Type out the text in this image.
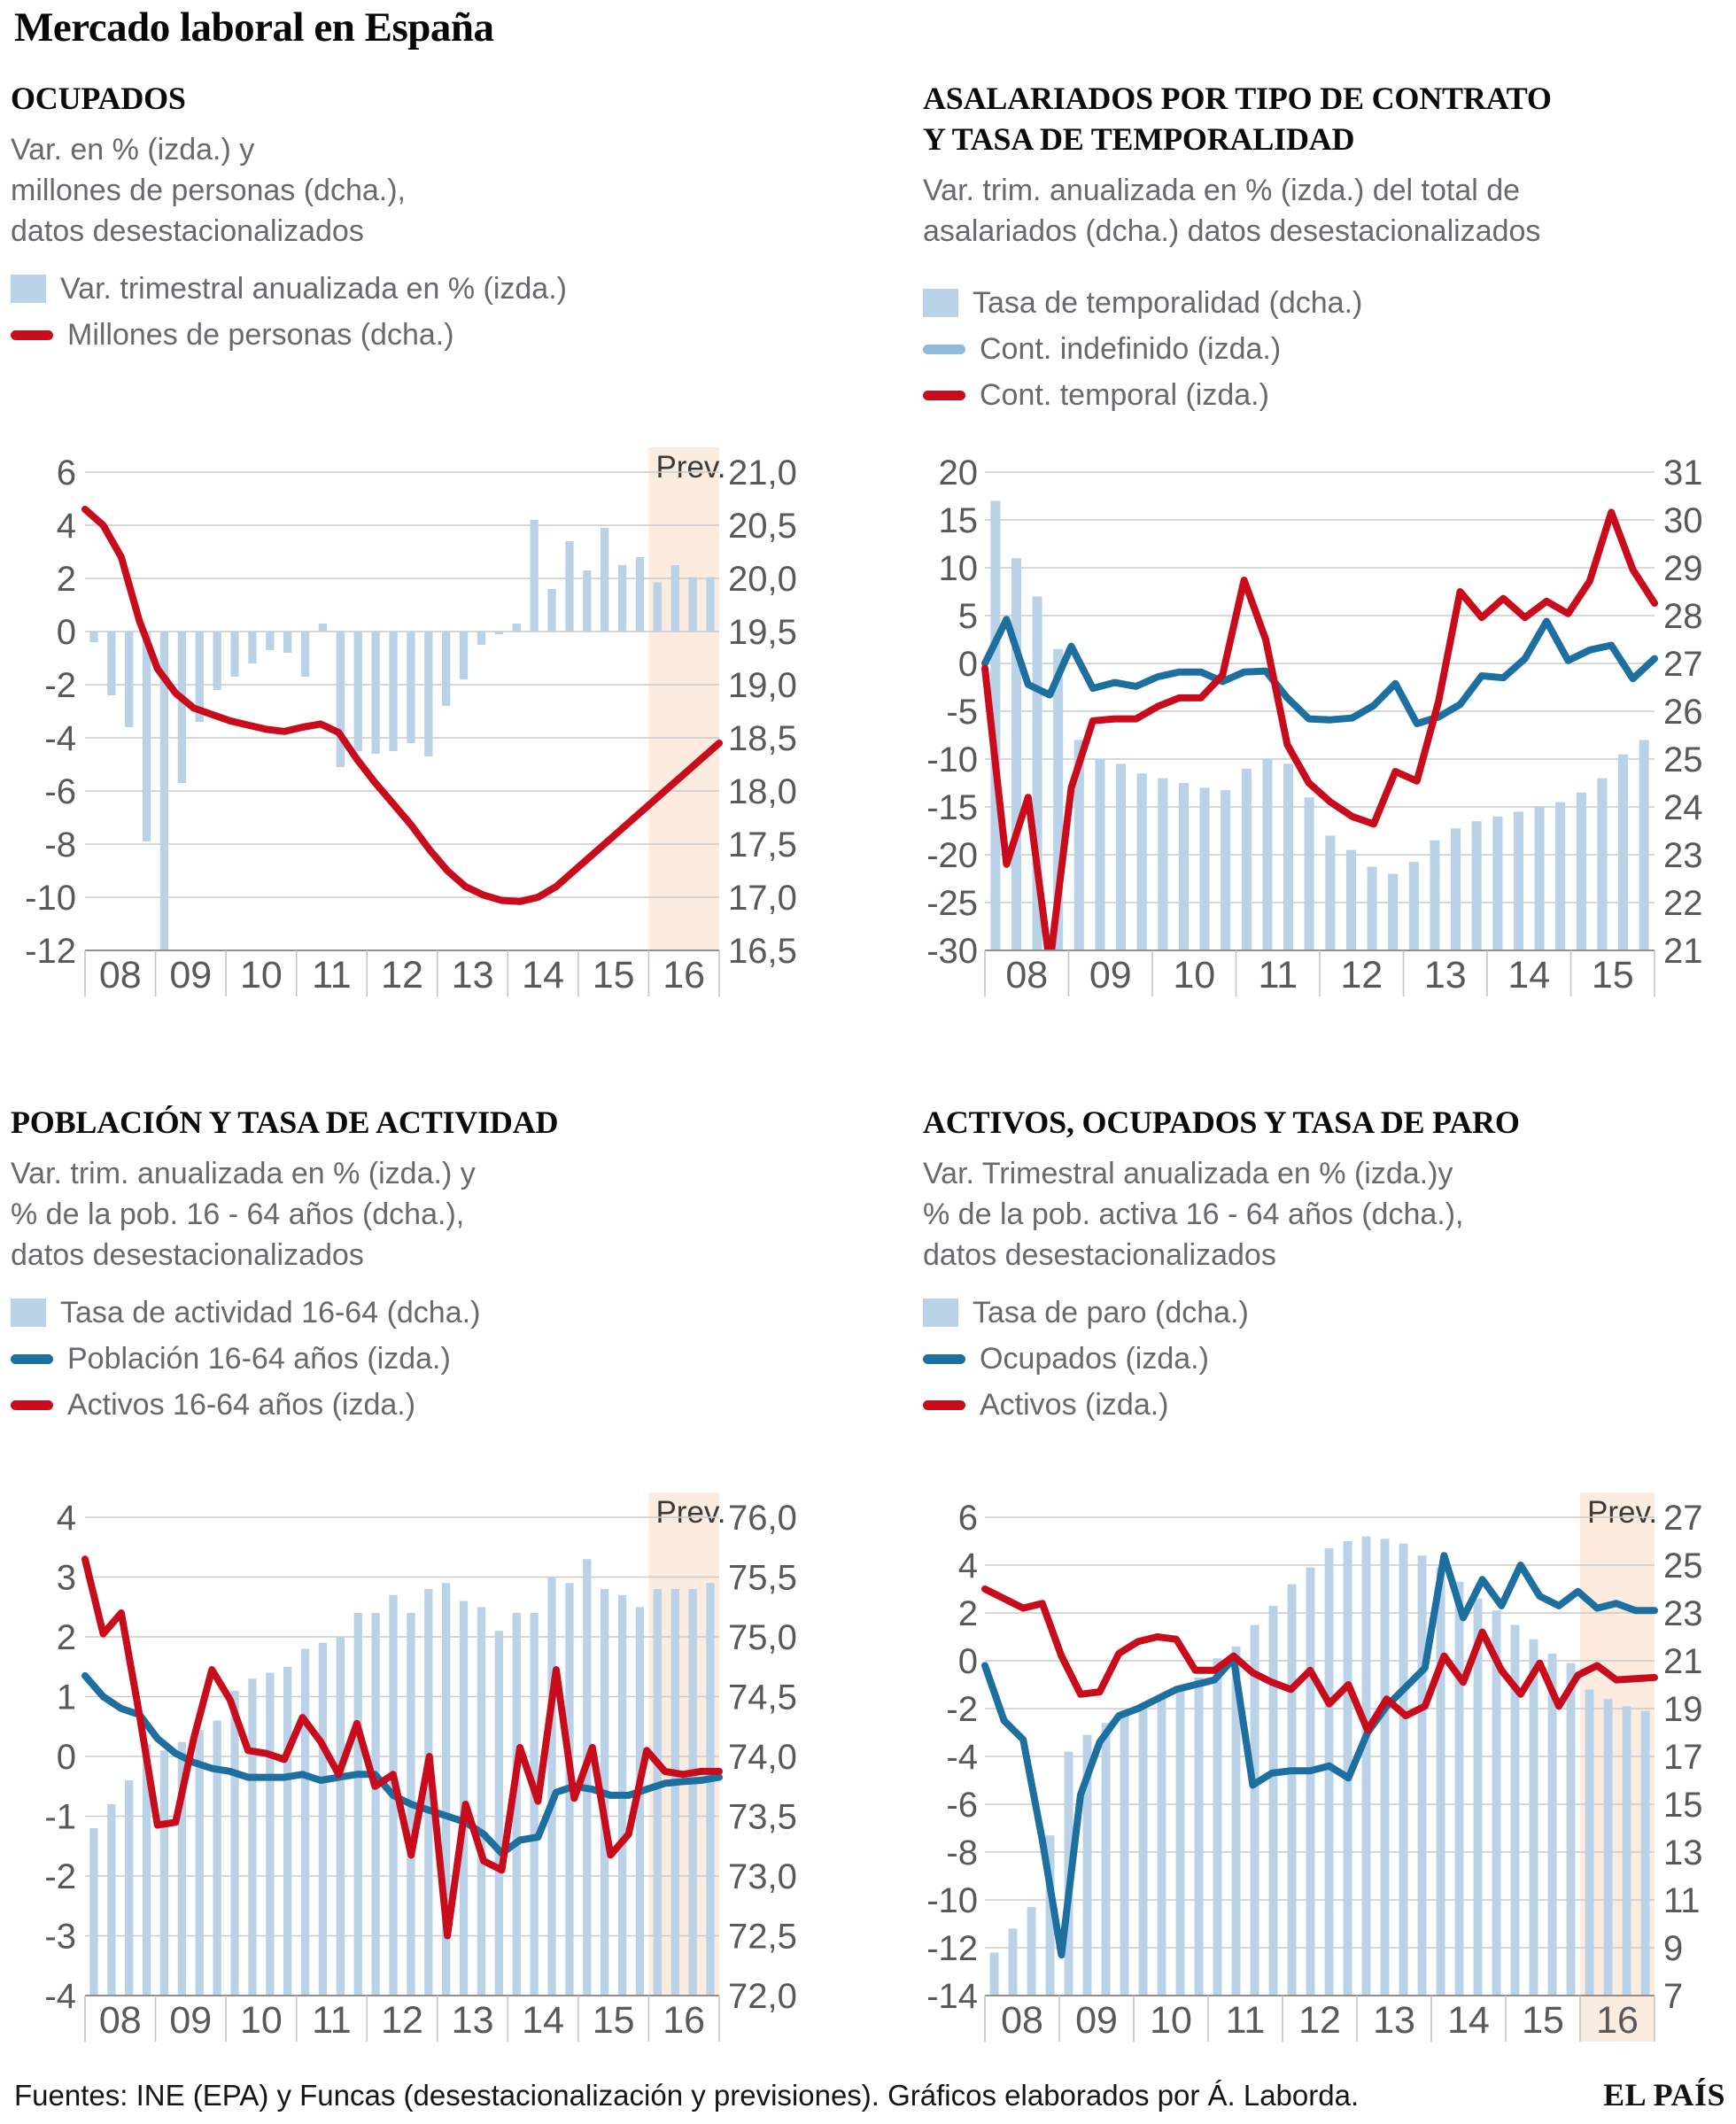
Mercado laboral en España
OCUPADOS
Var. en % (izda.) y
millones de personas (dcha.),
datos desestacionalizados
Var. trimestral anualizada en % (izda.)
Millones de personas (dcha.)
Prev.
6
4
2
0
-2
-4
-6
-8
-10
-12
21,0
20,5
20,0
19,5
19,0
18,5
18,0
17,5
17,0
16,5
08 09 10 11 12 13 14 15 16
ASALARIADOS POR TIPO DE CONTRATO
Y TASA DE TEMPORALIDAD
Var. trim. anualizada en % (izda.) del total de
asalariados (dcha.) datos desestacionalizados
Tasa de temporalidad (dcha.)
Cont. indefinido (izda.)
Cont. temporal (izda.)
20
15
10
5
0
-5
-10
-15
-20
-25
-30
31
30
29
28
27
26
25
24
23
22
21
08 09 10 11 12 13 14 15
POBLACIÓN Y TASA DE ACTIVIDAD
Var. trim. anualizada en % (izda.) y
% de la pob. 16 - 64 años (dcha.),
datos desestacionalizados
Tasa de actividad 16-64 (dcha.)
Población 16-64 años (izda.)
Activos 16-64 años (izda.)
Prev.
4
3
2
1
0
-1
-2
-3
-4
76,0
75,5
75,0
74,5
74,0
73,5
73,0
72,5
72,0
08 09 10 11 12 13 14 15 16
ACTIVOS, OCUPADOS Y TASA DE PARO
Var. Trimestral anualizada en % (izda.)y
% de la pob. activa 16 - 64 años (dcha.),
datos desestacionalizados
Tasa de paro (dcha.)
Ocupados (izda.)
Activos (izda.)
Prev.
6
4
2
0
-2
-4
-6
-8
-10
-12
-14
27
25
23
21
19
17
15
13
11
9
7
08 09 10 11 12 13 14 15 16
Fuentes: INE (EPA) y Funcas (desestacionalización y previsiones). Gráficos elaborados por Á. Laborda.	EL PAÍS
